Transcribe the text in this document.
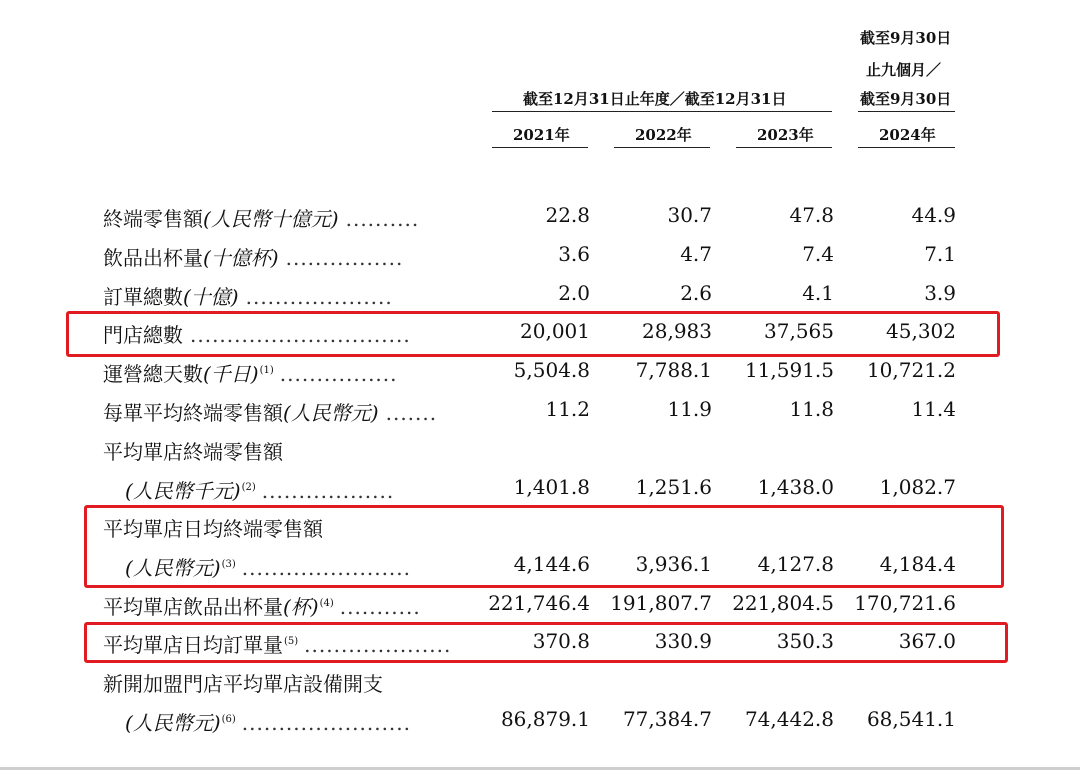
截至9月30日
止九個月／
截至12月31日止年度／截至12月31日	截至9月30日
2021年	2022年	2023年	2024年
終端零售額(人民幣十億元) ..........	22.8	30.7	47.8	44.9
飲品出杯量(十億杯) ................	3.6	4.7	7.4	7.1
訂單總數(十億) ....................	2.0	2.6	4.1	3.9
門店總數 ..............................	20,001	28,983	37,565	45,302
運營總天數(千日)$^{(1)}$ ................	5,504.8	7,788.1	11,591.5	10,721.2
每單平均終端零售額(人民幣元) .......	11.2	11.9	11.8	11.4
平均單店終端零售額
(人民幣千元)$^{(2)}$ ..................	1,401.8	1,251.6	1,438.0	1,082.7
平均單店日均終端零售額
(人民幣元)$^{(3)}$ .......................	4,144.6	3,936.1	4,127.8	4,184.4
平均單店飲品出杯量(杯)$^{(4)}$ ...........	221,746.4	191,807.7	221,804.5	170,721.6
平均單店日均訂單量$^{(5)}$ ....................	370.8	330.9	350.3	367.0
新開加盟門店平均單店設備開支
(人民幣元)$^{(6)}$ .......................	86,879.1	77,384.7	74,442.8	68,541.1
